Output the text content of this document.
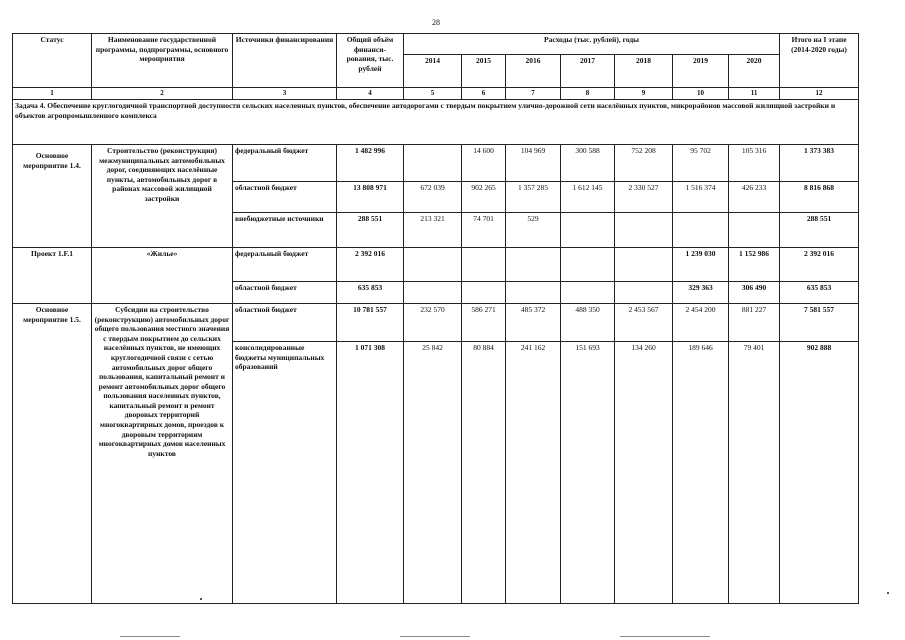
28
Статус	Наименование государственной программы, подпрограммы, основного мероприятия	Источники финансирования	Общий объём финанси-рования, тыс. рублей	Расходы (тыс. рублей), годы							Итого на I этапе (2014-2020 годы)
				2014	2015	2016	2017	2018	2019	2020	
1	2	3	4	5	6	7	8	9	10	11	12
Задача 4. Обеспечение круглогодичной транспортной доступности сельских населенных пунктов, обеспечение автодорогами с твердым покрытием улично-дорожной сети населённых пунктов, микрорайонов массовой жилищной застройки и объектов агропромышленного комплекса											
Основное мероприятие 1.4.	Строительство (реконструкция) межмуниципальных автомобильных дорог, соединяющих населённые пункты, автомобильных дорог в районах массовой жилищной застройки	федеральный бюджет	1 482 996		14 600	104 969	300 588	752 208	95 702	105 316	1 373 383
		областной бюджет	13 808 971	672 039	902 265	1 357 285	1 612 145	2 330 527	1 516 374	426 233	8 816 868
		внебюджетные источники	288 551	213 321	74 701	529					288 551
Проект 1.F.1	«Жилье»	федеральный бюджет	2 392 016						1 239 030	1 152 986	2 392 016
		областной бюджет	635 853						329 363	306 490	635 853
Основное мероприятие 1.5.	Субсидии на строительство (реконструкцию) автомобильных дорог общего пользования местного значения с твердым покрытием до сельских населённых пунктов, не имеющих круглогодичной связи с сетью автомобильных дорог общего пользования, капитальный ремонт и ремонт автомобильных дорог общего пользования населенных пунктов, капитальный ремонт и ремонт дворовых территорий многоквартирных домов, проездов к дворовым территориям многоквартирных домов населенных пунктов	областной бюджет	10 781 557	232 570	586 271	485 372	488 350	2 453 567	2 454 200	881 227	7 581 557
		консолидированные бюджеты муниципальных образований	1 071 308	25 842	80 884	241 162	151 693	134 260	189 646	79 401	902 888
